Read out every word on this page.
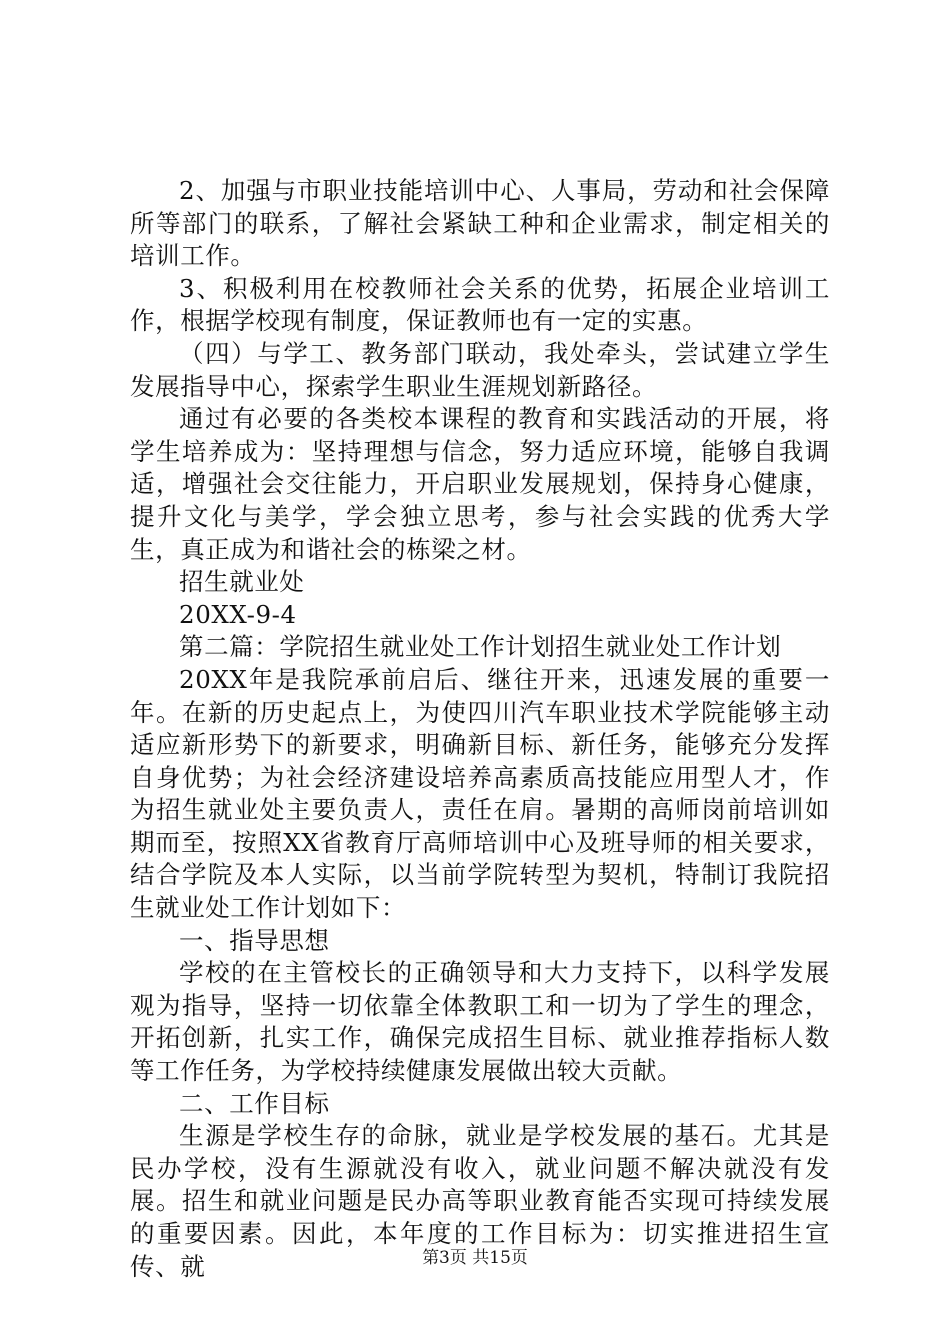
2、加强与市职业技能培训中心、人事局，劳动和社会保障所等部门的联系，了解社会紧缺工种和企业需求，制定相关的培训工作。

3、积极利用在校教师社会关系的优势，拓展企业培训工作，根据学校现有制度，保证教师也有一定的实惠。

（四）与学工、教务部门联动，我处牵头，尝试建立学生发展指导中心，探索学生职业生涯规划新路径。

通过有必要的各类校本课程的教育和实践活动的开展，将学生培养成为：坚持理想与信念，努力适应环境，能够自我调适，增强社会交往能力，开启职业发展规划，保持身心健康，提升文化与美学，学会独立思考，参与社会实践的优秀大学生，真正成为和谐社会的栋梁之材。

招生就业处

20XX-9-4

第二篇：学院招生就业处工作计划招生就业处工作计划

20XX年是我院承前启后、继往开来，迅速发展的重要一年。在新的历史起点上，为使四川汽车职业技术学院能够主动适应新形势下的新要求，明确新目标、新任务，能够充分发挥自身优势；为社会经济建设培养高素质高技能应用型人才，作为招生就业处主要负责人，责任在肩。暑期的高师岗前培训如期而至，按照XX省教育厅高师培训中心及班导师的相关要求，结合学院及本人实际，以当前学院转型为契机，特制订我院招生就业处工作计划如下：

一、指导思想

学校的在主管校长的正确领导和大力支持下，以科学发展观为指导，坚持一切依靠全体教职工和一切为了学生的理念，开拓创新，扎实工作，确保完成招生目标、就业推荐指标人数等工作任务，为学校持续健康发展做出较大贡献。

二、工作目标

生源是学校生存的命脉，就业是学校发展的基石。尤其是民办学校，没有生源就没有收入，就业问题不解决就没有发展。招生和就业问题是民办高等职业教育能否实现可持续发展的重要因素。因此，本年度的工作目标为：切实推进招生宣传、就	第3页 共15页
